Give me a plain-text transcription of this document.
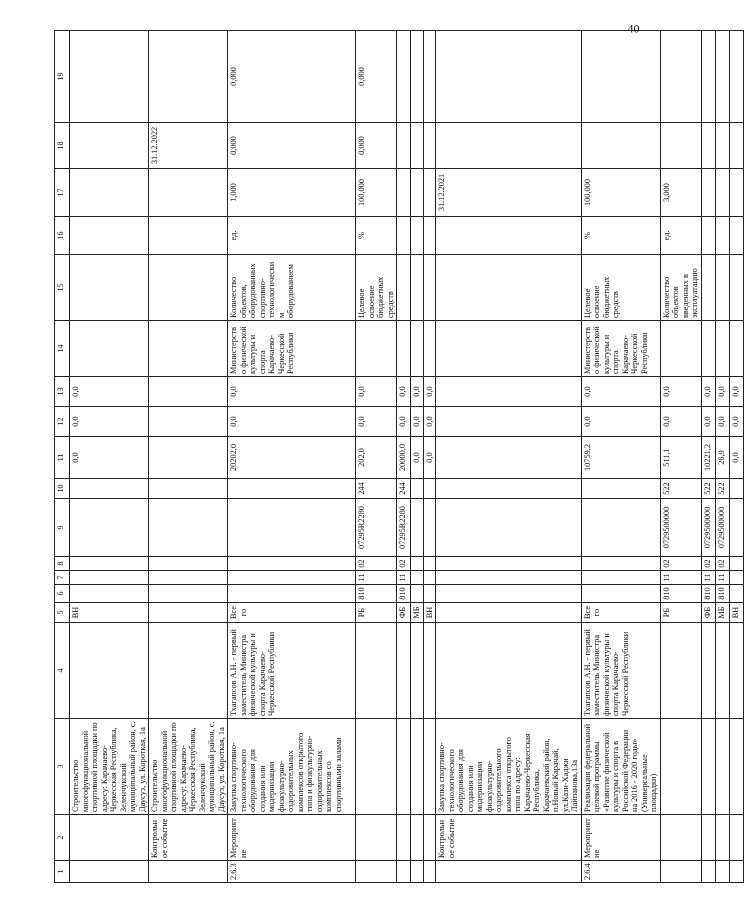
40
1	2	3	4	5	6	7	8	9	10	11	12	13	14	15	16	17	18	19
		Строительство многофункциональной спортивной площадки по адресу: Карачаево-Черкесская Республика, Зеленчукский муниципальный район, с. Даусуз, ул. Короткая, 1а		ВН						0,0	0,0	0,0						
	Контрольное событие	Строительство многофункциональной спортивной площадки по адресу: Карачаево-Черкесская Республика, Зеленчукский муниципальный район, с. Даусуз, ул. Короткая, 1а															31.12.2022	
2.6.3	Мероприятие	Закупка спортивно-технологического оборудования для создания или модернизации физкультурно-оздоровительных комплексов открытого типа и физкультурно-оздоровительных комплексов со спортивными залами	Тхагапсов А.Н. - первый заместитель Министра физической культуры и спорта Карачаево-Черкесской Республики	Всего						20202,0	0,0	0,0	Министерство физической культуры и спорта Карачаево-Черкесской Республики	Количество объектов, оборудованных спортивно-технологическим оборудованием	ед.	1,000	0,000	0,000
				РБ	810	11	02	07295R2280	244	202,0	0,0	0,0		Целевое освоение бюджетных средств	%	100,000	0,000	0,000
				ФБ	810	11	02	07295R2280	244	20000,0	0,0	0,0						
				МБ						0,0	0,0	0,0						
				ВН						0,0	0,0	0,0						
	Контрольное событие	Закупка спортивно-технологического оборудования для создания или модернизации физкультурно-оздоровительного комплекса открытого типа по адресу: Карачаево-Черкесская Республика, Карачаевский район, п.Новый Карачай, ул.Кази-Хаджи Лайпанова,13а														31.12.2021		
2.6.4	Мероприятие	Реализация федеральной целевой программы «Развитие физической культуры и спорта в Российской Федерации на 2016 - 2020 годы» (Универсальные площадки)	Тхагапсов А.Н. - первый заместитель Министра физической культуры и спорта Карачаево-Черкесской Республики	Всего						10759,2	0,0	0,0	Министерство физической культуры и спорта Карачаево-Черкесской Республики	Целевое освоение бюджетных средств	%	100,000		
				РБ	810	11	02	0729500000	522	511,1	0,0	0,0		Количество объектов введенных в эксплуатацию	ед.	3,000		
				ФБ	810	11	02	0729500000	522	10221,2	0,0	0,0						
				МБ	810	11	02	0729500000	522	26,9	0,0	0,0						
				ВН						0,0	0,0	0,0						
